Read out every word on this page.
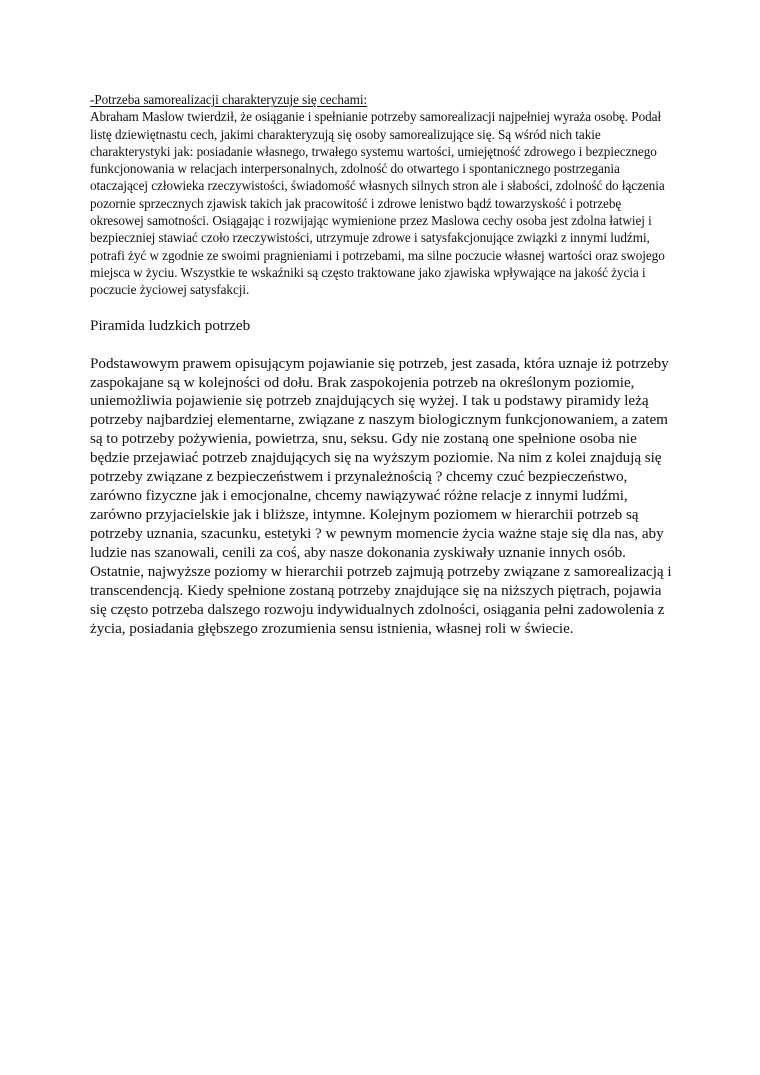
-Potrzeba samorealizacji charakteryzuje się cechami:
Abraham Maslow twierdził, że osiąganie i spełnianie potrzeby samorealizacji najpełniej wyraża osobę. Podał listę dziewiętnastu cech, jakimi charakteryzują się osoby samorealizujące się. Są wśród nich takie charakterystyki jak: posiadanie własnego, trwałego systemu wartości, umiejętność zdrowego i bezpiecznego funkcjonowania w relacjach interpersonalnych, zdolność do otwartego i spontanicznego postrzegania otaczającej człowieka rzeczywistości, świadomość własnych silnych stron ale i słabości, zdolność do łączenia pozornie sprzecznych zjawisk takich jak pracowitość i zdrowe lenistwo bądź towarzyskość i potrzebę okresowej samotności. Osiągając i rozwijając wymienione przez Maslowa cechy osoba jest zdolna łatwiej i bezpieczniej stawiać czoło rzeczywistości, utrzymuje zdrowe i satysfakcjonujące związki z innymi ludźmi, potrafi żyć w zgodnie ze swoimi pragnieniami i potrzebami, ma silne poczucie własnej wartości oraz swojego miejsca w życiu. Wszystkie te wskaźniki są często traktowane jako zjawiska wpływające na jakość życia i poczucie życiowej satysfakcji.

Piramida ludzkich potrzeb

Podstawowym prawem opisującym pojawianie się potrzeb, jest zasada, która uznaje iż potrzeby zaspokajane są w kolejności od dołu. Brak zaspokojenia potrzeb na określonym poziomie, uniemożliwia pojawienie się potrzeb znajdujących się wyżej. I tak u podstawy piramidy leżą potrzeby najbardziej elementarne, związane z naszym biologicznym funkcjonowaniem, a zatem są to potrzeby pożywienia, powietrza, snu, seksu. Gdy nie zostaną one spełnione osoba nie będzie przejawiać potrzeb znajdujących się na wyższym poziomie. Na nim z kolei znajdują się potrzeby związane z bezpieczeństwem i przynależnością ? chcemy czuć bezpieczeństwo, zarówno fizyczne jak i emocjonalne, chcemy nawiązywać różne relacje z innymi ludźmi, zarówno przyjacielskie jak i bliższe, intymne. Kolejnym poziomem w hierarchii potrzeb są potrzeby uznania, szacunku, estetyki ? w pewnym momencie życia ważne staje się dla nas, aby ludzie nas szanowali, cenili za coś, aby nasze dokonania zyskiwały uznanie innych osób. Ostatnie, najwyższe poziomy w hierarchii potrzeb zajmują potrzeby związane z samorealizacją i transcendencją. Kiedy spełnione zostaną potrzeby znajdujące się na niższych piętrach, pojawia się często potrzeba dalszego rozwoju indywidualnych zdolności, osiągania pełni zadowolenia z życia, posiadania głębszego zrozumienia sensu istnienia, własnej roli w świecie.
